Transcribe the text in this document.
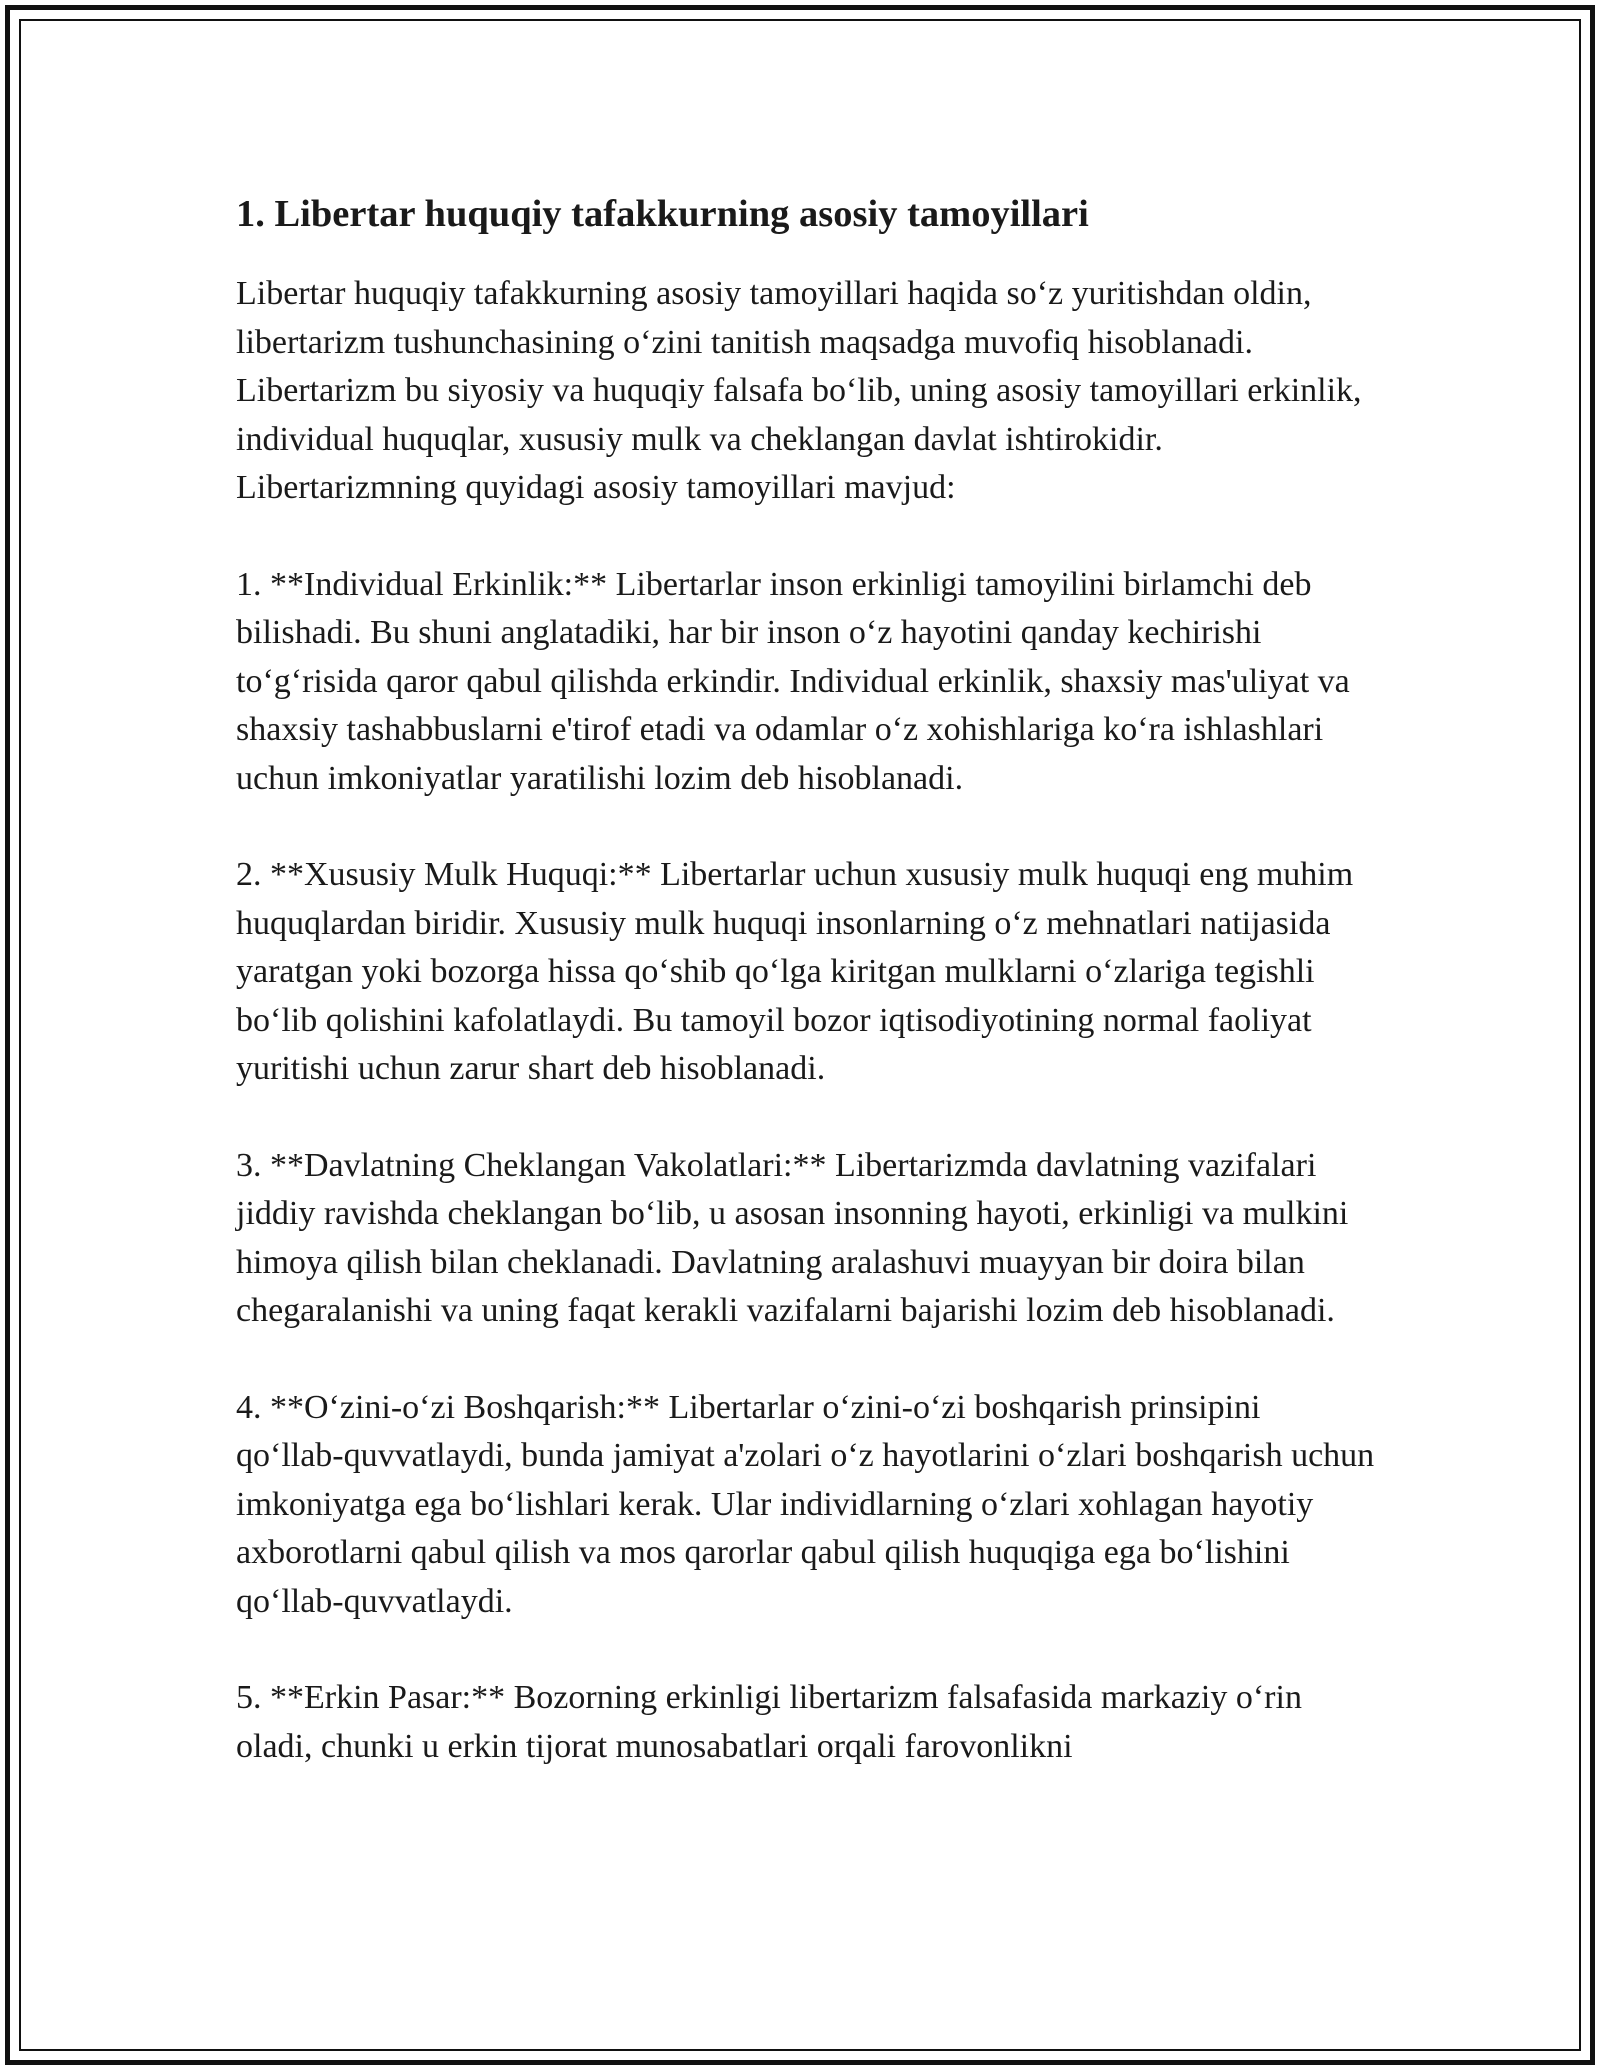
1. Libertar huquqiy tafakkurning asosiy tamoyillari

Libertar huquqiy tafakkurning asosiy tamoyillari haqida so‘z yuritishdan oldin, libertarizm tushunchasining o‘zini tanitish maqsadga muvofiq hisoblanadi. Libertarizm bu siyosiy va huquqiy falsafa bo‘lib, uning asosiy tamoyillari erkinlik, individual huquqlar, xususiy mulk va cheklangan davlat ishtirokidir. Libertarizmning quyidagi asosiy tamoyillari mavjud:

1. **Individual Erkinlik:** Libertarlar inson erkinligi tamoyilini birlamchi deb bilishadi. Bu shuni anglatadiki, har bir inson o‘z hayotini qanday kechirishi to‘g‘risida qaror qabul qilishda erkindir. Individual erkinlik, shaxsiy mas'uliyat va shaxsiy tashabbuslarni e'tirof etadi va odamlar o‘z xohishlariga ko‘ra ishlashlari uchun imkoniyatlar yaratilishi lozim deb hisoblanadi.

2. **Xususiy Mulk Huquqi:** Libertarlar uchun xususiy mulk huquqi eng muhim huquqlardan biridir. Xususiy mulk huquqi insonlarning o‘z mehnatlari natijasida yaratgan yoki bozorga hissa qo‘shib qo‘lga kiritgan mulklarni o‘zlariga tegishli bo‘lib qolishini kafolatlaydi. Bu tamoyil bozor iqtisodiyotining normal faoliyat yuritishi uchun zarur shart deb hisoblanadi.

3. **Davlatning Cheklangan Vakolatlari:** Libertarizmda davlatning vazifalari jiddiy ravishda cheklangan bo‘lib, u asosan insonning hayoti, erkinligi va mulkini himoya qilish bilan cheklanadi. Davlatning aralashuvi muayyan bir doira bilan chegaralanishi va uning faqat kerakli vazifalarni bajarishi lozim deb hisoblanadi.

4. **O‘zini-o‘zi Boshqarish:** Libertarlar o‘zini-o‘zi boshqarish prinsipini qo‘llab-quvvatlaydi, bunda jamiyat a'zolari o‘z hayotlarini o‘zlari boshqarish uchun imkoniyatga ega bo‘lishlari kerak. Ular individlarning o‘zlari xohlagan hayotiy axborotlarni qabul qilish va mos qarorlar qabul qilish huquqiga ega bo‘lishini qo‘llab-quvvatlaydi.

5. **Erkin Pasar:** Bozorning erkinligi libertarizm falsafasida markaziy o‘rin oladi, chunki u erkin tijorat munosabatlari orqali farovonlikni
